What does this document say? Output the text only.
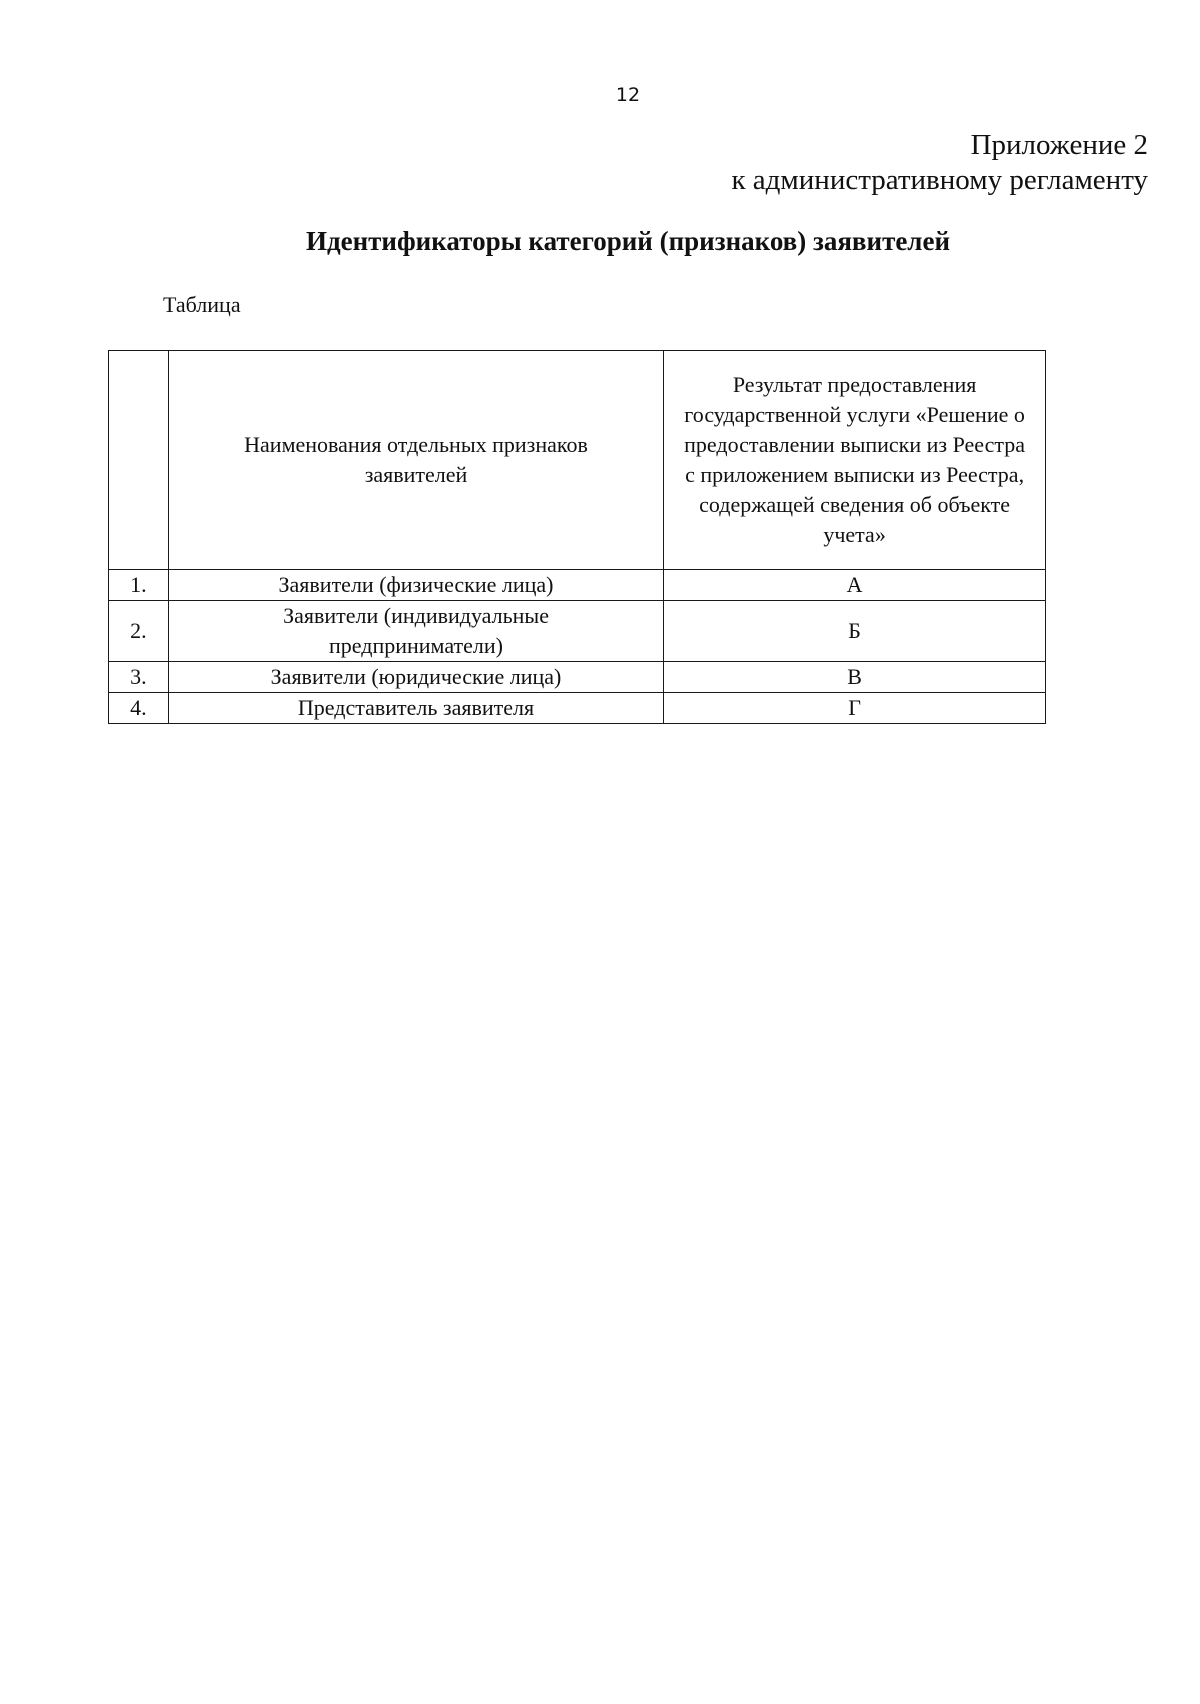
12
Приложение 2
к административному регламенту
Идентификаторы категорий (признаков) заявителей
Таблица
	Наименования отдельных признаков заявителей	Результат предоставления государственной услуги «Решение о предоставлении выписки из Реестра с приложением выписки из Реестра, содержащей сведения об объекте учета»
1.	Заявители (физические лица)	А
2.	Заявители (индивидуальные предприниматели)	Б
3.	Заявители (юридические лица)	В
4.	Представитель заявителя	Г
